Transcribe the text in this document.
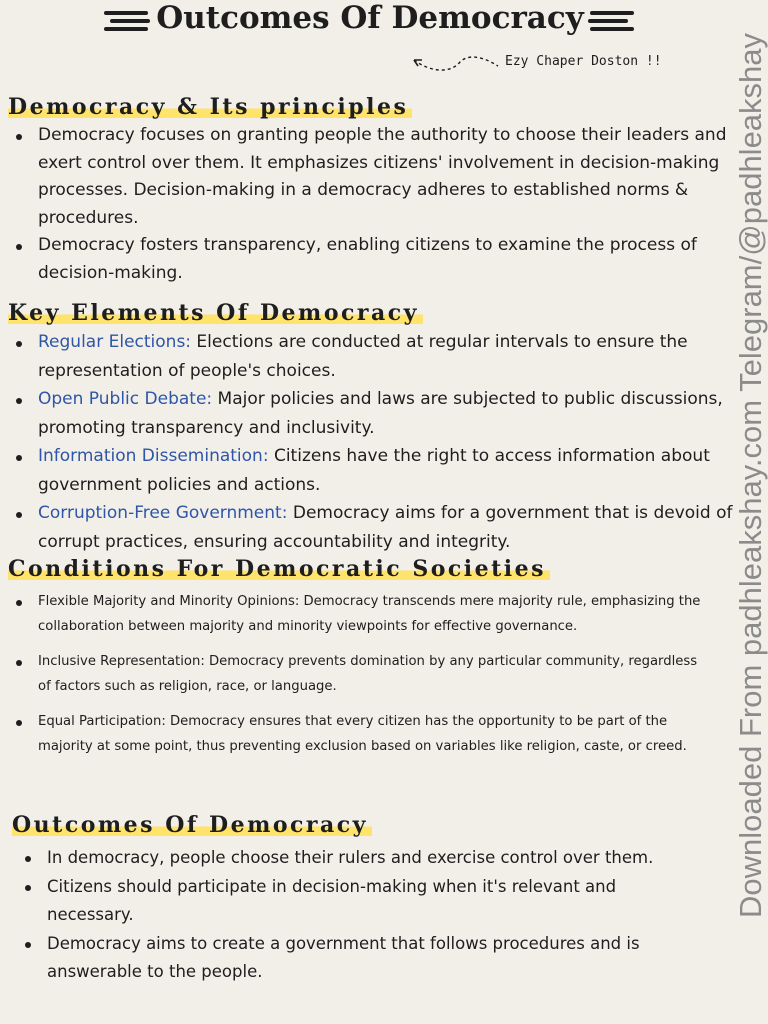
Outcomes Of Democracy
Ezy Chaper Doston !!
Democracy & Its principles
Democracy focuses on granting people the authority to choose their leaders and exert control over them. It emphasizes citizens' involvement in decision-making processes. Decision-making in a democracy adheres to established norms & procedures.
Democracy fosters transparency, enabling citizens to examine the process of decision-making.
Key Elements Of Democracy
Regular Elections: Elections are conducted at regular intervals to ensure the representation of people's choices.
Open Public Debate: Major policies and laws are subjected to public discussions, promoting transparency and inclusivity.
Information Dissemination: Citizens have the right to access information about government policies and actions.
Corruption-Free Government: Democracy aims for a government that is devoid of corrupt practices, ensuring accountability and integrity.
Conditions For Democratic Societies
Flexible Majority and Minority Opinions: Democracy transcends mere majority rule, emphasizing the collaboration between majority and minority viewpoints for effective governance.
Inclusive Representation: Democracy prevents domination by any particular community, regardless of factors such as religion, race, or language.
Equal Participation: Democracy ensures that every citizen has the opportunity to be part of the majority at some point, thus preventing exclusion based on variables like religion, caste, or creed.
Outcomes Of Democracy
In democracy, people choose their rulers and exercise control over them.
Citizens should participate in decision-making when it's relevant and necessary.
Democracy aims to create a government that follows procedures and is answerable to the people.
Downloaded From padhleakshay.com Telegram/@padhleakshay
